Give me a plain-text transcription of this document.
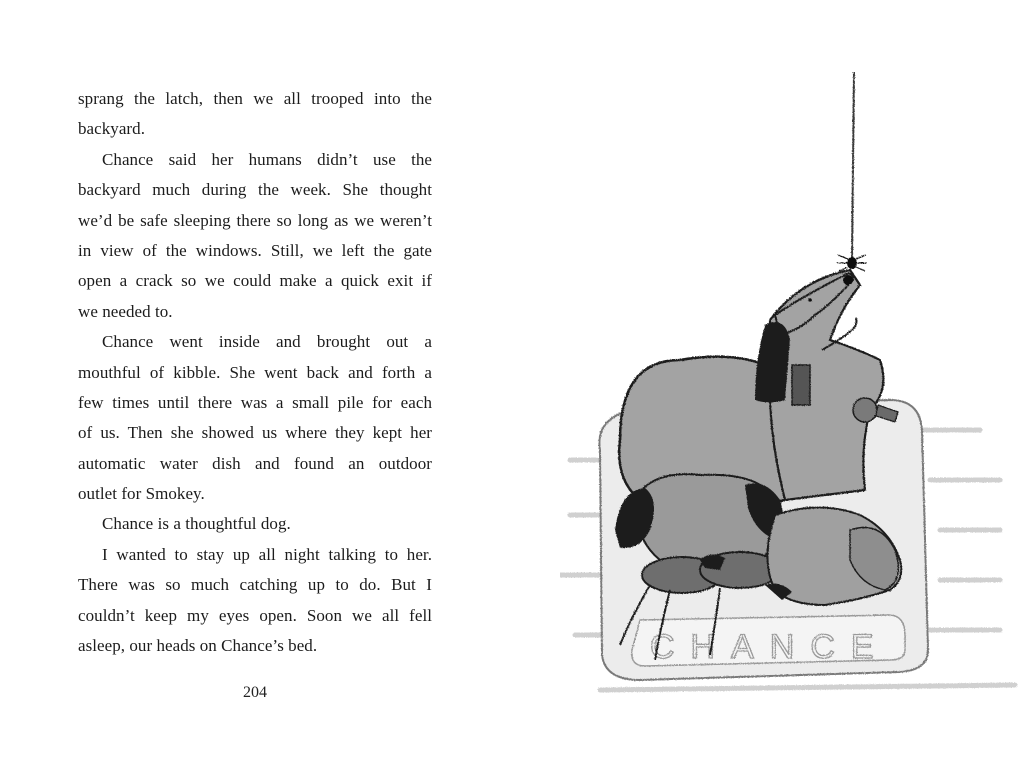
sprang the latch, then we all trooped into the
backyard.
Chance said her humans didn’t use the
backyard much during the week. She thought
we’d be safe sleeping there so long as we weren’t
in view of the windows. Still, we left the gate
open a crack so we could make a quick exit if
we needed to.
Chance went inside and brought out a
mouthful of kibble. She went back and forth a
few times until there was a small pile for each
of us. Then she showed us where they kept her
automatic water dish and found an outdoor
outlet for Smokey.
Chance is a thoughtful dog.
I wanted to stay up all night talking to her.
There was so much catching up to do. But I
couldn’t keep my eyes open. Soon we all fell
asleep, our heads on Chance’s bed.
204
CHANCE
